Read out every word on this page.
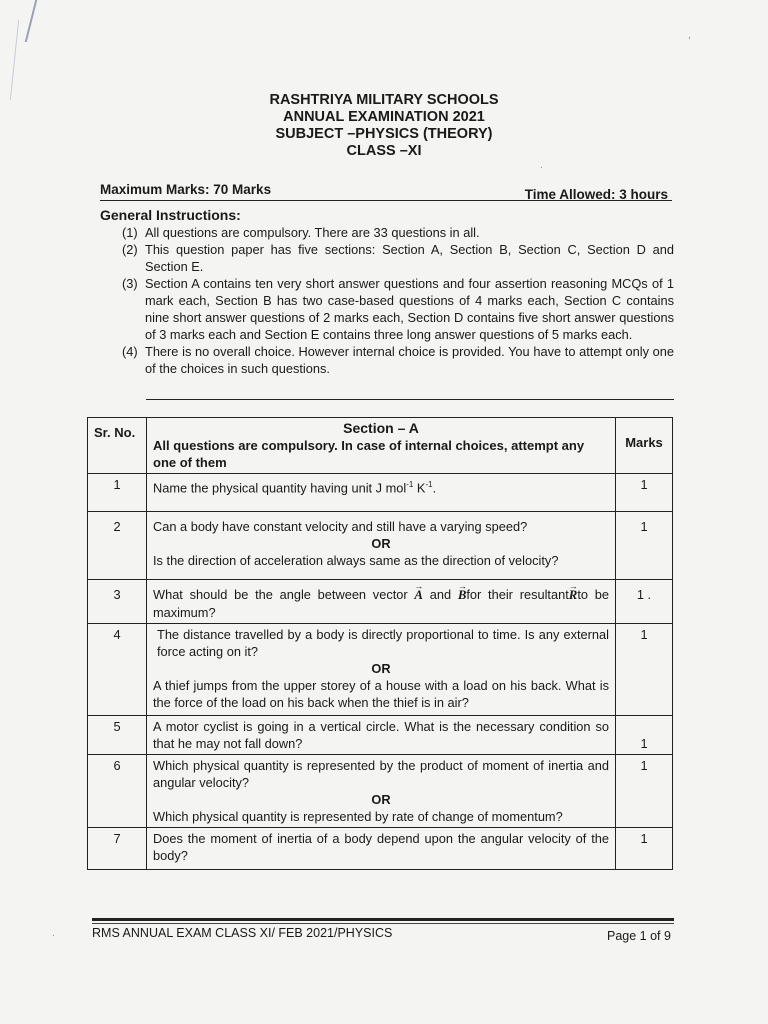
RASHTRIYA MILITARY SCHOOLS
ANNUAL EXAMINATION 2021
SUBJECT –PHYSICS (THEORY)
CLASS –XI
Maximum Marks: 70 Marks	Time Allowed: 3 hours
General Instructions:
(1) All questions are compulsory. There are 33 questions in all.
(2) This question paper has five sections: Section A, Section B, Section C, Section D and Section E.
(3) Section A contains ten very short answer questions and four assertion reasoning MCQs of 1 mark each, Section B has two case-based questions of 4 marks each, Section C contains nine short answer questions of 2 marks each, Section D contains five short answer questions of 3 marks each and Section E contains three long answer questions of 5 marks each.
(4) There is no overall choice. However internal choice is provided. You have to attempt only one of the choices in such questions.
Sr. No.	Section – A
All questions are compulsory. In case of internal choices, attempt any one of them	Marks
1	Name the physical quantity having unit J mol$^{-1}$ $K^{-1}$.	1
2	Can a body have constant velocity and still have a varying speed?
OR
Is the direction of acceleration always same as the direction of velocity?	1
3	What should be the angle between vector → A and → Bfor their resultant→ Rto be maximum?	1 .
4	The distance travelled by a body is directly proportional to time. Is any external force acting on it?
OR
A thief jumps from the upper storey of a house with a load on his back. What is the force of the load on his back when the thief is in air?	1
5	A motor cyclist is going in a vertical circle. What is the necessary condition so that he may not fall down?	1
6	Which physical quantity is represented by the product of moment of inertia and angular velocity?
OR
Which physical quantity is represented by rate of change of momentum?	1
7	Does the moment of inertia of a body depend upon the angular velocity of the body?	1
.
,
.	RMS ANNUAL EXAM CLASS XI/ FEB 2021/PHYSICS	Page 1 of 9
